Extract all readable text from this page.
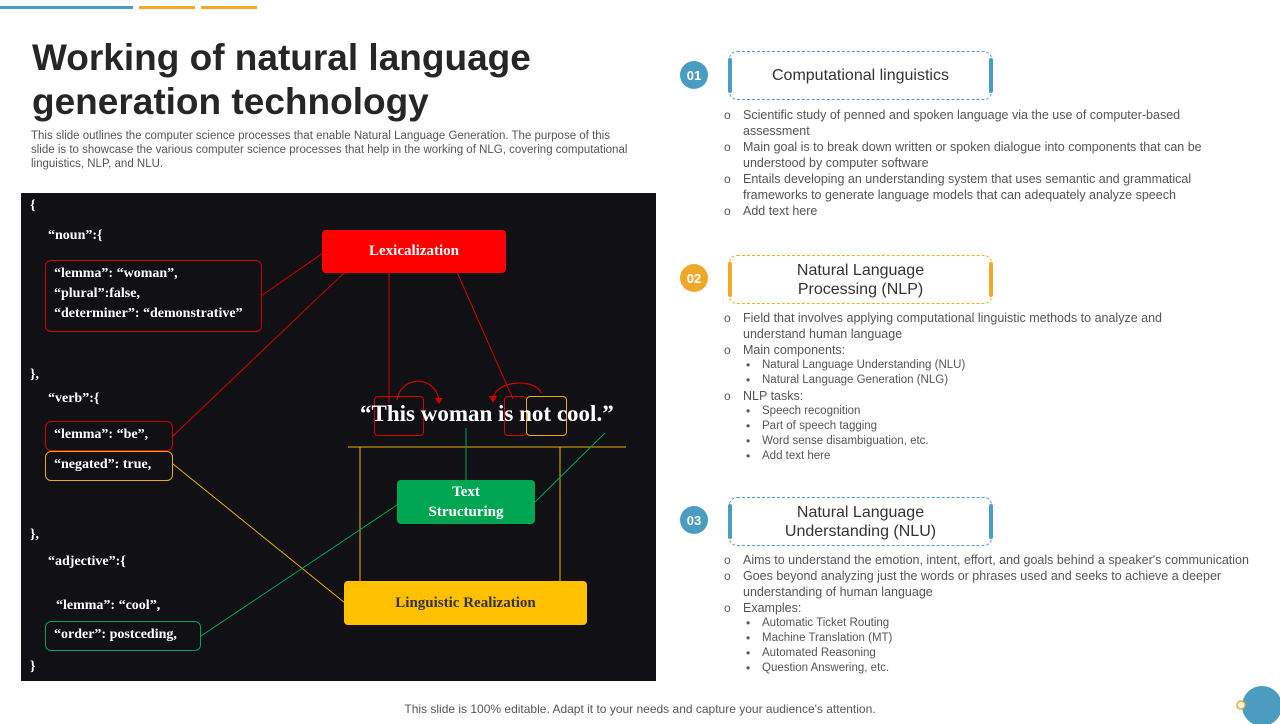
Working of natural language generation technology

This slide outlines the computer science processes that enable Natural Language Generation. The purpose of this slide is to showcase the various computer science processes that help in the working of NLG, covering computational linguistics, NLP, and NLU.

{
“noun”:{
“lemma”: “woman”,
“plural”:false,
“determiner”: “demonstrative”
},
“verb”:{
“lemma”: “be”,
“negated”: true,
},
“adjective”:{
“lemma”: “cool”,
“order”: postceding,
}
Lexicalization
Text Structuring
Linguistic Realization
“This woman is not cool.”
01	Computational linguistics
o Scientific study of penned and spoken language via the use of computer-based assessment
o Main goal is to break down written or spoken dialogue into components that can be understood by computer software
o Entails developing an understanding system that uses semantic and grammatical frameworks to generate language models that can adequately analyze speech
o Add text here
02	Natural Language Processing (NLP)
o Field that involves applying computational linguistic methods to analyze and understand human language
o Main components:
• Natural Language Understanding (NLU)
• Natural Language Generation (NLG)
o NLP tasks:
• Speech recognition
• Part of speech tagging
• Word sense disambiguation, etc.
• Add text here
03	Natural Language Understanding (NLU)
o Aims to understand the emotion, intent, effort, and goals behind a speaker's communication
o Goes beyond analyzing just the words or phrases used and seeks to achieve a deeper understanding of human language
o Examples:
• Automatic Ticket Routing
• Machine Translation (MT)
• Automated Reasoning
• Question Answering, etc.
This slide is 100% editable. Adapt it to your needs and capture your audience's attention.
